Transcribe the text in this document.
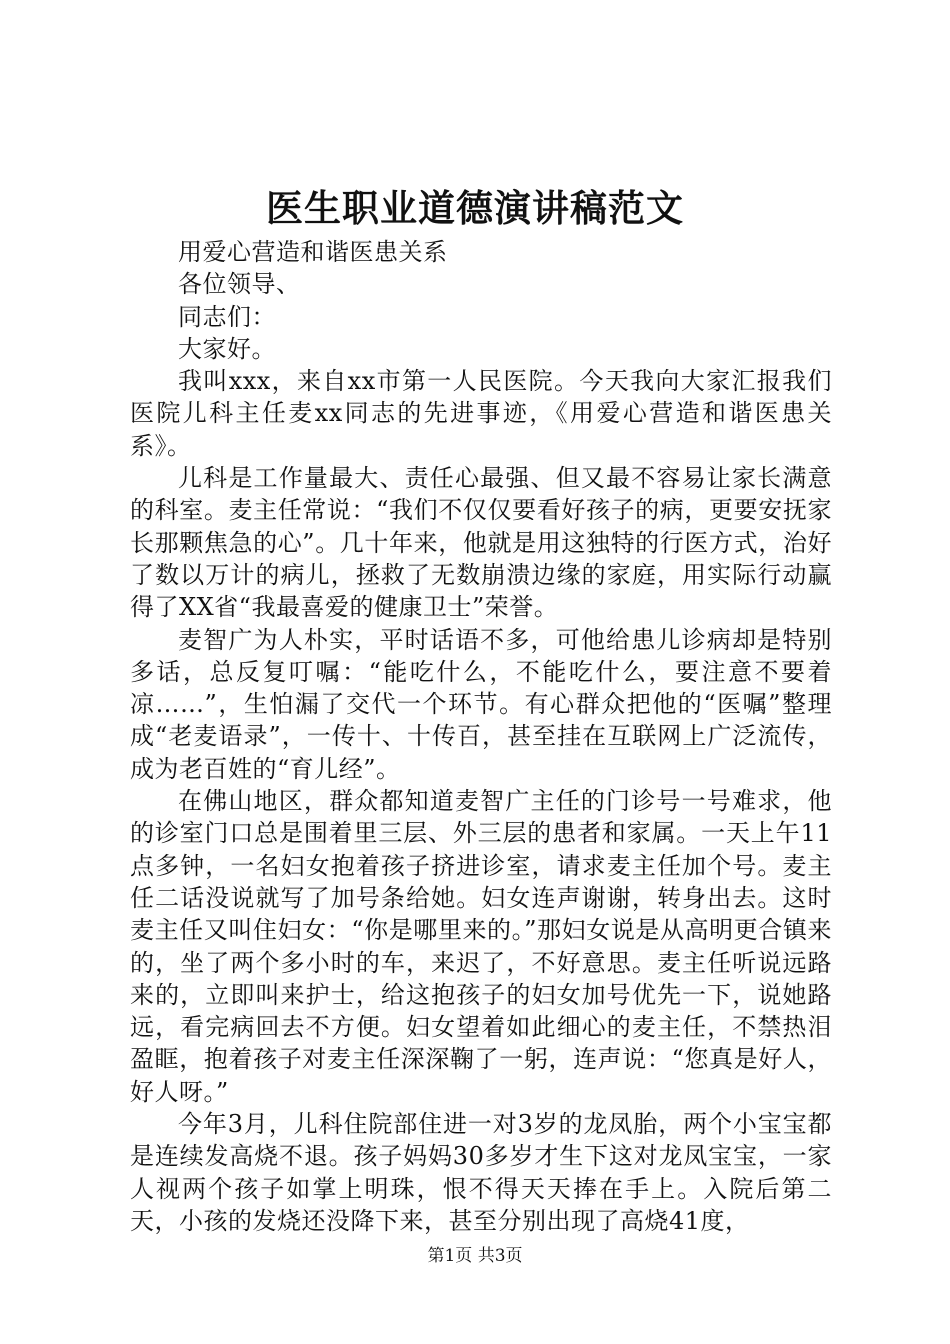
医生职业道德演讲稿范文

用爱心营造和谐医患关系

各位领导、

同志们：

大家好。

我叫xxx，来自xx市第一人民医院。今天我向大家汇报我们医院儿科主任麦xx同志的先进事迹，《用爱心营造和谐医患关系》。

儿科是工作量最大、责任心最强、但又最不容易让家长满意的科室。麦主任常说：“我们不仅仅要看好孩子的病，更要安抚家长那颗焦急的心”。几十年来，他就是用这独特的行医方式，治好了数以万计的病儿，拯救了无数崩溃边缘的家庭，用实际行动赢得了XX省“我最喜爱的健康卫士”荣誉。

麦智广为人朴实，平时话语不多，可他给患儿诊病却是特别多话，总反复叮嘱：“能吃什么，不能吃什么，要注意不要着凉……”，生怕漏了交代一个环节。有心群众把他的“医嘱”整理成“老麦语录”，一传十、十传百，甚至挂在互联网上广泛流传，成为老百姓的“育儿经”。

在佛山地区，群众都知道麦智广主任的门诊号一号难求，他的诊室门口总是围着里三层、外三层的患者和家属。一天上午11点多钟，一名妇女抱着孩子挤进诊室，请求麦主任加个号。麦主任二话没说就写了加号条给她。妇女连声谢谢，转身出去。这时麦主任又叫住妇女：“你是哪里来的。”那妇女说是从高明更合镇来的，坐了两个多小时的车，来迟了，不好意思。麦主任听说远路来的，立即叫来护士，给这抱孩子的妇女加号优先一下，说她路远，看完病回去不方便。妇女望着如此细心的麦主任，不禁热泪盈眶，抱着孩子对麦主任深深鞠了一躬，连声说：“您真是好人，好人呀。”

今年3月，儿科住院部住进一对3岁的龙凤胎，两个小宝宝都是连续发高烧不退。孩子妈妈30多岁才生下这对龙凤宝宝，一家人视两个孩子如掌上明珠，恨不得天天捧在手上。入院后第二天，小孩的发烧还没降下来，甚至分别出现了高烧41度，

第1页 共3页
